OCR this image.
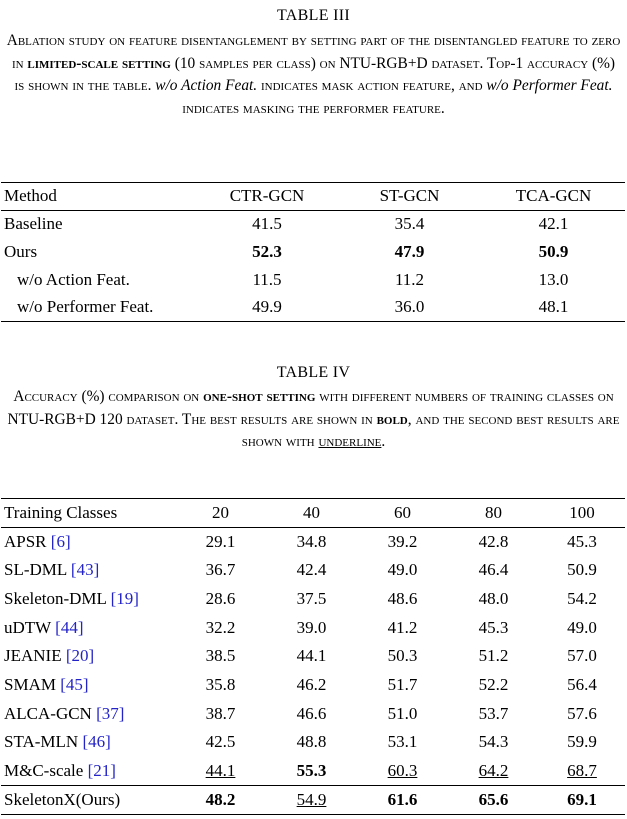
TABLE III
Ablation study on feature disentanglement by setting part of the disentangled feature to zero in limited-scale setting (10 samples per class) on NTU-RGB+D dataset. Top-1 accuracy (%) is shown in the table. w/o Action Feat. indicates mask action feature, and w/o Performer Feat. indicates masking the performer feature.
Method	CTR-GCN	ST-GCN	TCA-GCN
Baseline	41.5	35.4	42.1
Ours	52.3	47.9	50.9
w/o Action Feat.	11.5	11.2	13.0
w/o Performer Feat.	49.9	36.0	48.1
TABLE IV
Accuracy (%) comparison on one-shot setting with different numbers of training classes on NTU-RGB+D 120 dataset. The best results are shown in bold, and the second best results are shown with underline.
Training Classes	20	40	60	80	100
APSR [6]	29.1	34.8	39.2	42.8	45.3
SL-DML [43]	36.7	42.4	49.0	46.4	50.9
Skeleton-DML [19]	28.6	37.5	48.6	48.0	54.2
uDTW [44]	32.2	39.0	41.2	45.3	49.0
JEANIE [20]	38.5	44.1	50.3	51.2	57.0
SMAM [45]	35.8	46.2	51.7	52.2	56.4
ALCA-GCN [37]	38.7	46.6	51.0	53.7	57.6
STA-MLN [46]	42.5	48.8	53.1	54.3	59.9
M&C-scale [21]	44.1	55.3	60.3	64.2	68.7
SkeletonX(Ours)	48.2	54.9	61.6	65.6	69.1
